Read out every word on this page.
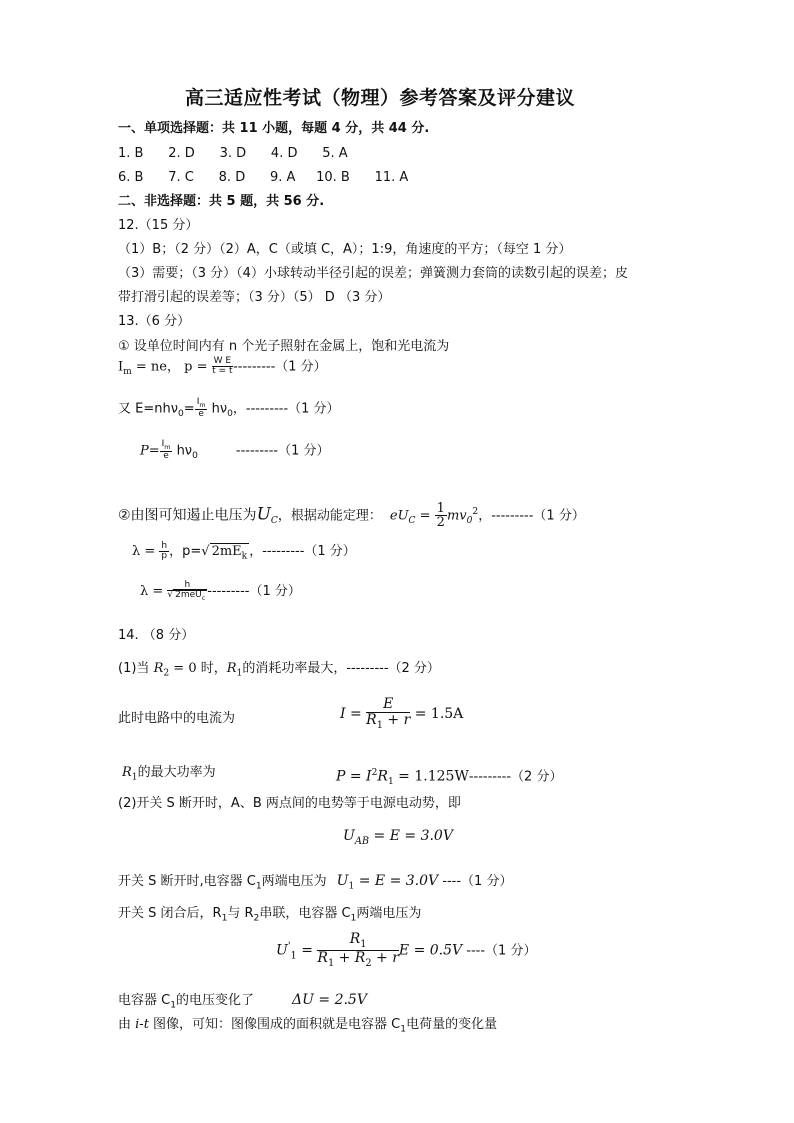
高三适应性考试（物理）参考答案及评分建议
一、单项选择题：共 11 小题，每题 4 分，共 44 分.
1. B      2. D      3. D      4. D      5. A
6. B      7. C      8. D      9. A     10. B      11. A
二、非选择题：共 5 题，共 56 分.
12.（15 分）
（1）B；（2 分）（2）A，C（或填 C，A）；1:9，角速度的平方；（每空 1 分）
（3）需要；（3 分）（4）小球转动半径引起的误差；弹簧测力套筒的读数引起的误差；皮
带打滑引起的误差等；（3 分）（5） D （3 分）
13.（6 分）
① 设单位时间内有 n 个光子照射在金属上，饱和光电流为
$I_m$ = ne， $p = \frac{\text{W E}}{t = t} ---------(1$ 分）
又 $E=nh\nu_0= \frac{I_m}{e} h\nu_0$，---------（1 分）
$P= \frac{I_m}{e} h\nu_0$	---------（1 分）
②由图可知遏止电压为$U_C$，根据动能定理： $eU_C = \frac{1}{2} mv_0^2$，---------（1 分）
$\lambda = \frac{h}{p}$ ，p=√ $2mE_k$ ，---------（1 分）
$\lambda = \frac{h}{√ 2meU_c} ---------(1$ 分）
14. （8 分）
(1)当 $R_2 = 0$ 时，$R_1$的消耗功率最大，---------（2 分）
此时电路中的电流为	$I = \frac{E}{R_1 + r} = 1.5A$
$R_1$的最大功率为	$P = I^2R_1 = 1.125W---------(2$ 分）
(2)开关 S 断开时，A、B 两点间的电势等于电源电动势，即
$U_{AB} = E = 3.0V$
开关 S 断开时,电容器 $C_1$两端电压为 $U_1 = E = 3.0V$ ----（1 分）
开关 S 闭合后，$R_1$与 $R_2$串联，电容器 $C_1$两端电压为
$U'_1 = \frac{R_1}{R_1 + R_2 + r}$ E = 0.5V ----（1 分）
电容器 $C_1$的电压变化了	ΔU = 2.5V
由 i-t 图像，可知：图像围成的面积就是电容器 $C_1$电荷量的变化量
